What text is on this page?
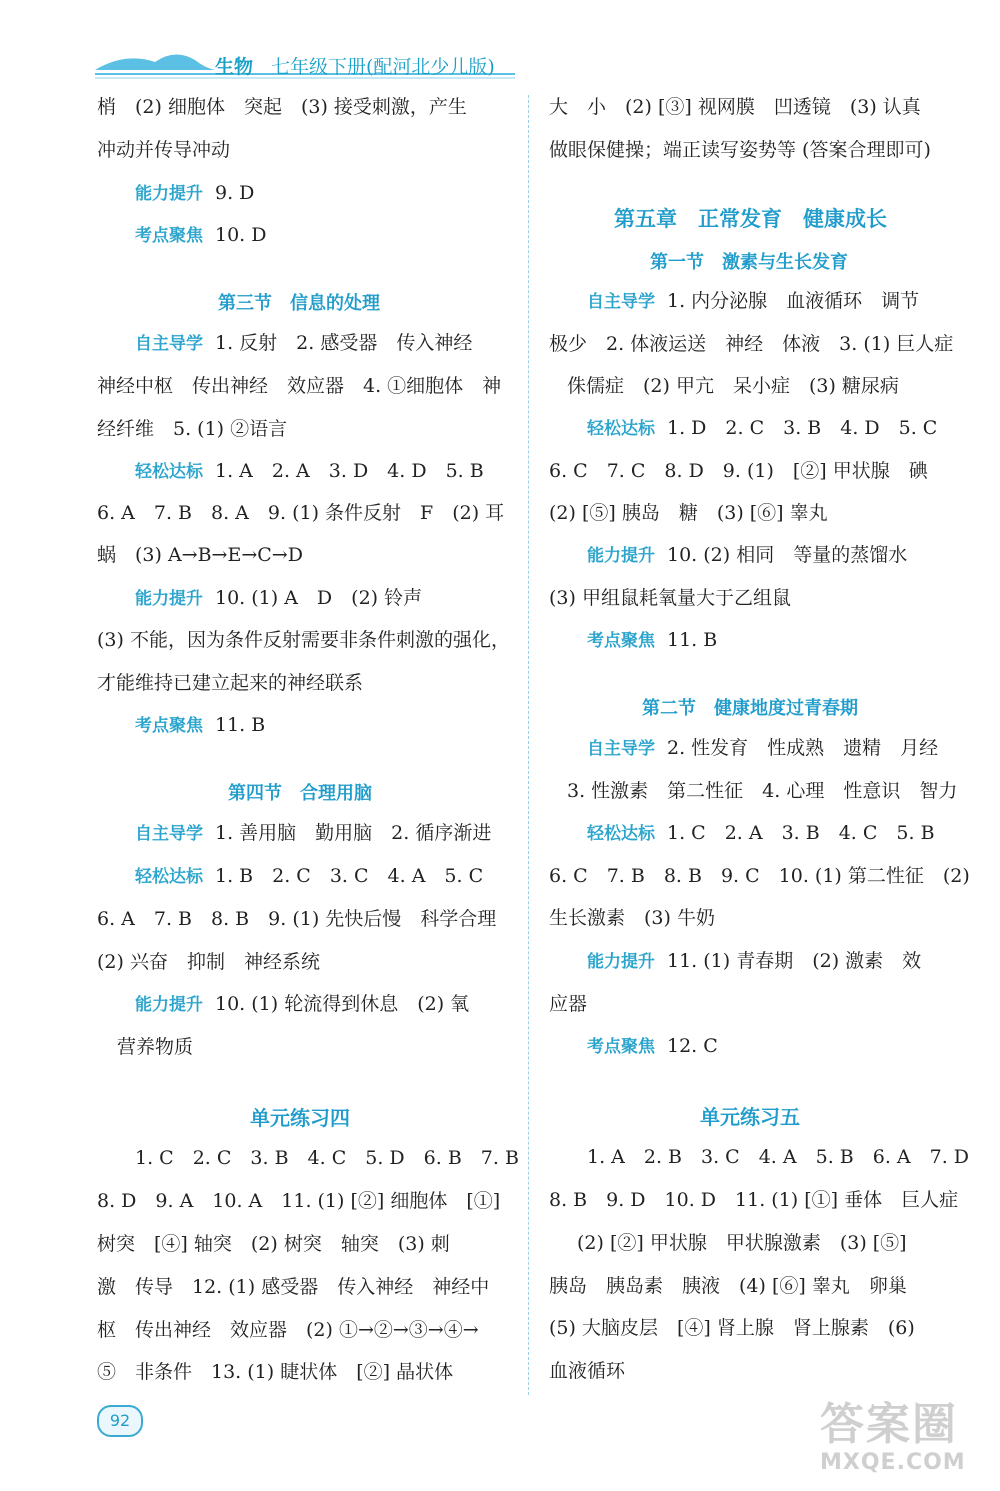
生物 七年级下册(配河北少儿版)
梢　(2) 细胞体　突起　(3) 接受刺激，产生
冲动并传导冲动
能力提升 9. D
考点聚焦 10. D
第三节　信息的处理
自主导学 1. 反射　2. 感受器　传入神经
神经中枢　传出神经　效应器　4. ①细胞体　神
经纤维　5. (1) ②语言
轻松达标 1. A　2. A　3. D　4. D　5. B
6. A　7. B　8. A　9. (1) 条件反射　F　(2) 耳
蜗　(3) A→B→E→C→D
能力提升 10. (1) A　D　(2) 铃声
(3) 不能，因为条件反射需要非条件刺激的强化，
才能维持已建立起来的神经联系
考点聚焦 11. B
第四节　合理用脑
自主导学 1. 善用脑　勤用脑　2. 循序渐进
轻松达标 1. B　2. C　3. C　4. A　5. C
6. A　7. B　8. B　9. (1) 先快后慢　科学合理
(2) 兴奋　抑制　神经系统
能力提升 10. (1) 轮流得到休息　(2) 氧
营养物质
单元练习四
1. C　2. C　3. B　4. C　5. D　6. B　7. B
8. D　9. A　10. A　11. (1) [②] 细胞体　[①]
树突　[④] 轴突　(2) 树突　轴突　(3) 刺
激　传导　12. (1) 感受器　传入神经　神经中
枢　传出神经　效应器　(2) ①→②→③→④→
⑤　非条件　13. (1) 睫状体　[②] 晶状体
大　小　(2) [③] 视网膜　凹透镜　(3) 认真
做眼保健操；端正读写姿势等 (答案合理即可)
第五章　正常发育　健康成长
第一节　激素与生长发育
自主导学 1. 内分泌腺　血液循环　调节
极少　2. 体液运送　神经　体液　3. (1) 巨人症
侏儒症　(2) 甲亢　呆小症　(3) 糖尿病
轻松达标 1. D　2. C　3. B　4. D　5. C
6. C　7. C　8. D　9. (1)　[②] 甲状腺　碘
(2) [⑤] 胰岛　糖　(3) [⑥] 睾丸
能力提升 10. (2) 相同　等量的蒸馏水
(3) 甲组鼠耗氧量大于乙组鼠
考点聚焦 11. B
第二节　健康地度过青春期
自主导学 2. 性发育　性成熟　遗精　月经
3. 性激素　第二性征　4. 心理　性意识　智力
轻松达标 1. C　2. A　3. B　4. C　5. B
6. C　7. B　8. B　9. C　10. (1) 第二性征　(2)
生长激素　(3) 牛奶
能力提升 11. (1) 青春期　(2) 激素　效
应器
考点聚焦 12. C
单元练习五
1. A　2. B　3. C　4. A　5. B　6. A　7. D
8. B　9. D　10. D　11. (1) [①] 垂体　巨人症
(2) [②] 甲状腺　甲状腺激素　(3) [⑤]
胰岛　胰岛素　胰液　(4) [⑥] 睾丸　卵巢
(5) 大脑皮层　[④] 肾上腺　肾上腺素　(6)
血液循环
92	答案圈
MXQE.COM
